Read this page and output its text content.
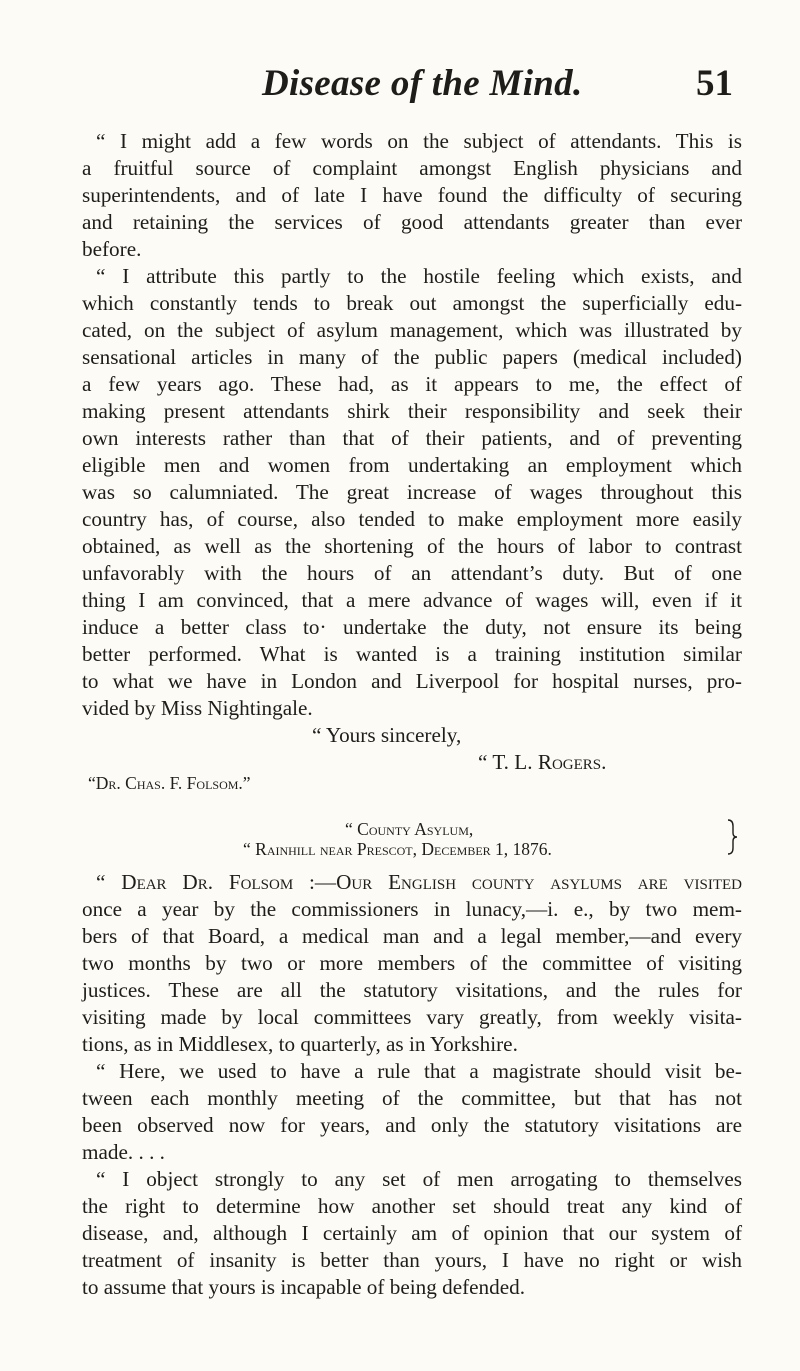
Disease of the Mind.	51
“ I might add a few words on the subject of attendants. This is
a fruitful source of complaint amongst English physicians and
superintendents, and of late I have found the difficulty of securing
and retaining the services of good attendants greater than ever
before.
“ I attribute this partly to the hostile feeling which exists, and
which constantly tends to break out amongst the superficially edu-
cated, on the subject of asylum management, which was illustrated by
sensational articles in many of the public papers (medical included)
a few years ago. These had, as it appears to me, the effect of
making present attendants shirk their responsibility and seek their
own interests rather than that of their patients, and of preventing
eligible men and women from undertaking an employment which
was so calumniated. The great increase of wages throughout this
country has, of course, also tended to make employment more easily
obtained, as well as the shortening of the hours of labor to contrast
unfavorably with the hours of an attendant’s duty. But of one
thing I am convinced, that a mere advance of wages will, even if it
induce a better class to· undertake the duty, not ensure its being
better performed. What is wanted is a training institution similar
to what we have in London and Liverpool for hospital nurses, pro-
vided by Miss Nightingale.
“ Yours sincerely,
“ T. L. Rogers.
“Dr. Chas. F. Folsom.”
“ County Asylum,
“ Rainhill near Prescot, December 1, 1876.
“ Dear Dr. Folsom :—Our English county asylums are visited
once a year by the commissioners in lunacy,—i. e., by two mem-
bers of that Board, a medical man and a legal member,—and every
two months by two or more members of the committee of visiting
justices. These are all the statutory visitations, and the rules for
visiting made by local committees vary greatly, from weekly visita-
tions, as in Middlesex, to quarterly, as in Yorkshire.
“ Here, we used to have a rule that a magistrate should visit be-
tween each monthly meeting of the committee, but that has not
been observed now for years, and only the statutory visitations are
made. . . .
“ I object strongly to any set of men arrogating to themselves
the right to determine how another set should treat any kind of
disease, and, although I certainly am of opinion that our system of
treatment of insanity is better than yours, I have no right or wish
to assume that yours is incapable of being defended.
